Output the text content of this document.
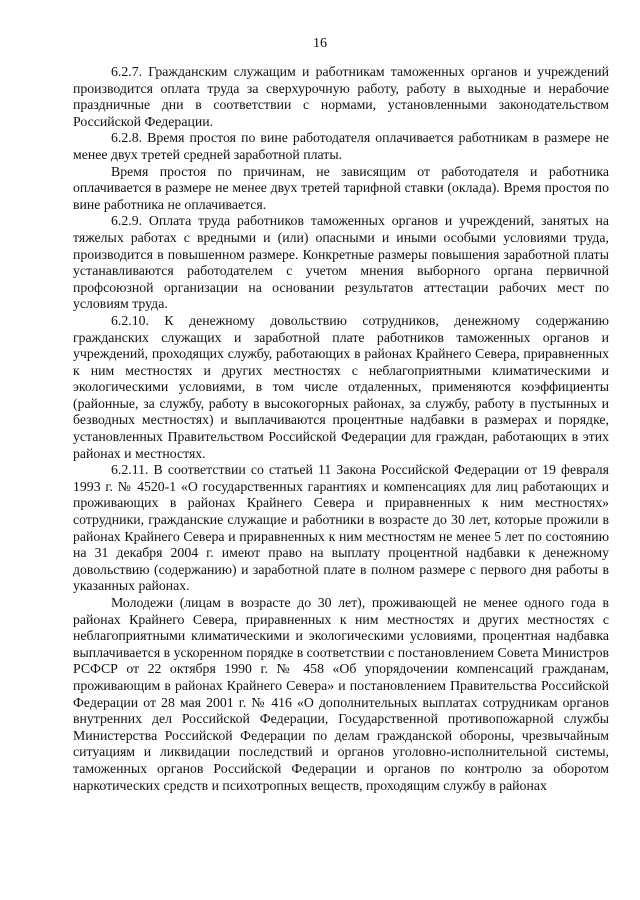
16

6.2.7. Гражданским служащим и работникам таможенных органов и учреждений производится оплата труда за сверхурочную работу, работу в выходные и нерабочие праздничные дни в соответствии с нормами, установленными законодательством Российской Федерации.

6.2.8. Время простоя по вине работодателя оплачивается работникам в размере не менее двух третей средней заработной платы.

Время простоя по причинам, не зависящим от работодателя и работника оплачивается в размере не менее двух третей тарифной ставки (оклада). Время простоя по вине работника не оплачивается.

6.2.9. Оплата труда работников таможенных органов и учреждений, занятых на тяжелых работах с вредными и (или) опасными и иными особыми условиями труда, производится в повышенном размере. Конкретные размеры повышения заработной платы устанавливаются работодателем с учетом мнения выборного органа первичной профсоюзной организации на основании результатов аттестации рабочих мест по условиям труда.

6.2.10. К денежному довольствию сотрудников, денежному содержанию гражданских служащих и заработной плате работников таможенных органов и учреждений, проходящих службу, работающих в районах Крайнего Севера, приравненных к ним местностях и других местностях с неблагоприятными климатическими и экологическими условиями, в том числе отдаленных, применяются коэффициенты (районные, за службу, работу в высокогорных районах, за службу, работу в пустынных и безводных местностях) и выплачиваются процентные надбавки в размерах и порядке, установленных Правительством Российской Федерации для граждан, работающих в этих районах и местностях.

6.2.11. В соответствии со статьей 11 Закона Российской Федерации от 19 февраля 1993 г. № 4520-1 «О государственных гарантиях и компенсациях для лиц работающих и проживающих в районах Крайнего Севера и приравненных к ним местностях» сотрудники, гражданские служащие и работники в возрасте до 30 лет, которые прожили в районах Крайнего Севера и приравненных к ним местностям не менее 5 лет по состоянию на 31 декабря 2004 г. имеют право на выплату процентной надбавки к денежному довольствию (содержанию) и заработной плате в полном размере с первого дня работы в указанных районах.

Молодежи (лицам в возрасте до 30 лет), проживающей не менее одного года в районах Крайнего Севера, приравненных к ним местностях и других местностях с неблагоприятными климатическими и экологическими условиями, процентная надбавка выплачивается в ускоренном порядке в соответствии с постановлением Совета Министров РСФСР от 22 октября 1990 г. № 458 «Об упорядочении компенсаций гражданам, проживающим в районах Крайнего Севера» и постановлением Правительства Российской Федерации от 28 мая 2001 г. № 416 «О дополнительных выплатах сотрудникам органов внутренних дел Российской Федерации, Государственной противопожарной службы Министерства Российской Федерации по делам гражданской обороны, чрезвычайным ситуациям и ликвидации последствий и органов уголовно-исполнительной системы, таможенных органов Российской Федерации и органов по контролю за оборотом наркотических средств и психотропных веществ, проходящим службу в районах
